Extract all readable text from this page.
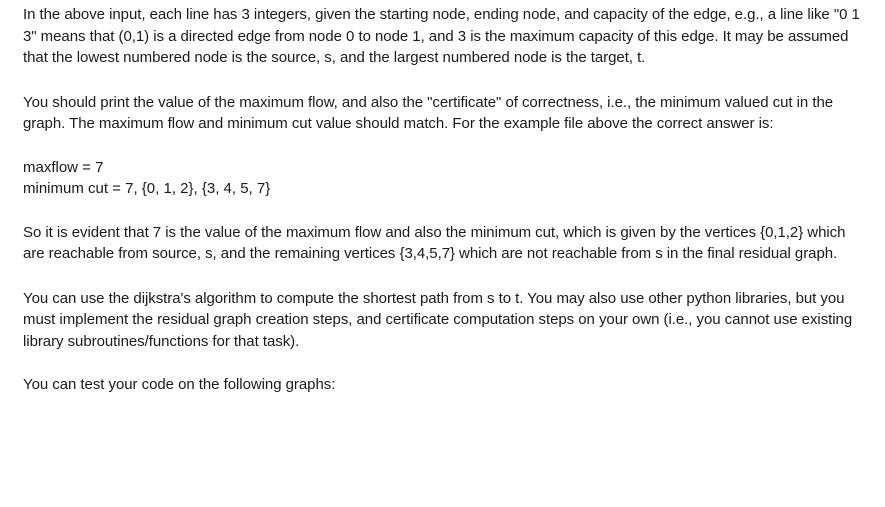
In the above input, each line has 3 integers, given the starting node, ending node, and capacity of the edge, e.g., a line like "0 1 3" means that (0,1) is a directed edge from node 0 to node 1, and 3 is the maximum capacity of this edge. It may be assumed that the lowest numbered node is the source, s, and the largest numbered node is the target, t.

You should print the value of the maximum flow, and also the "certificate" of correctness, i.e., the minimum valued cut in the graph. The maximum flow and minimum cut value should match. For the example file above the correct answer is:

maxflow = 7

minimum cut = 7, {0, 1, 2}, {3, 4, 5, 7}

So it is evident that 7 is the value of the maximum flow and also the minimum cut, which is given by the vertices {0,1,2} which are reachable from source, s, and the remaining vertices {3,4,5,7} which are not reachable from s in the final residual graph.

You can use the dijkstra's algorithm to compute the shortest path from s to t. You may also use other python libraries, but you must implement the residual graph creation steps, and certificate computation steps on your own (i.e., you cannot use existing library subroutines/functions for that task).

You can test your code on the following graphs:
